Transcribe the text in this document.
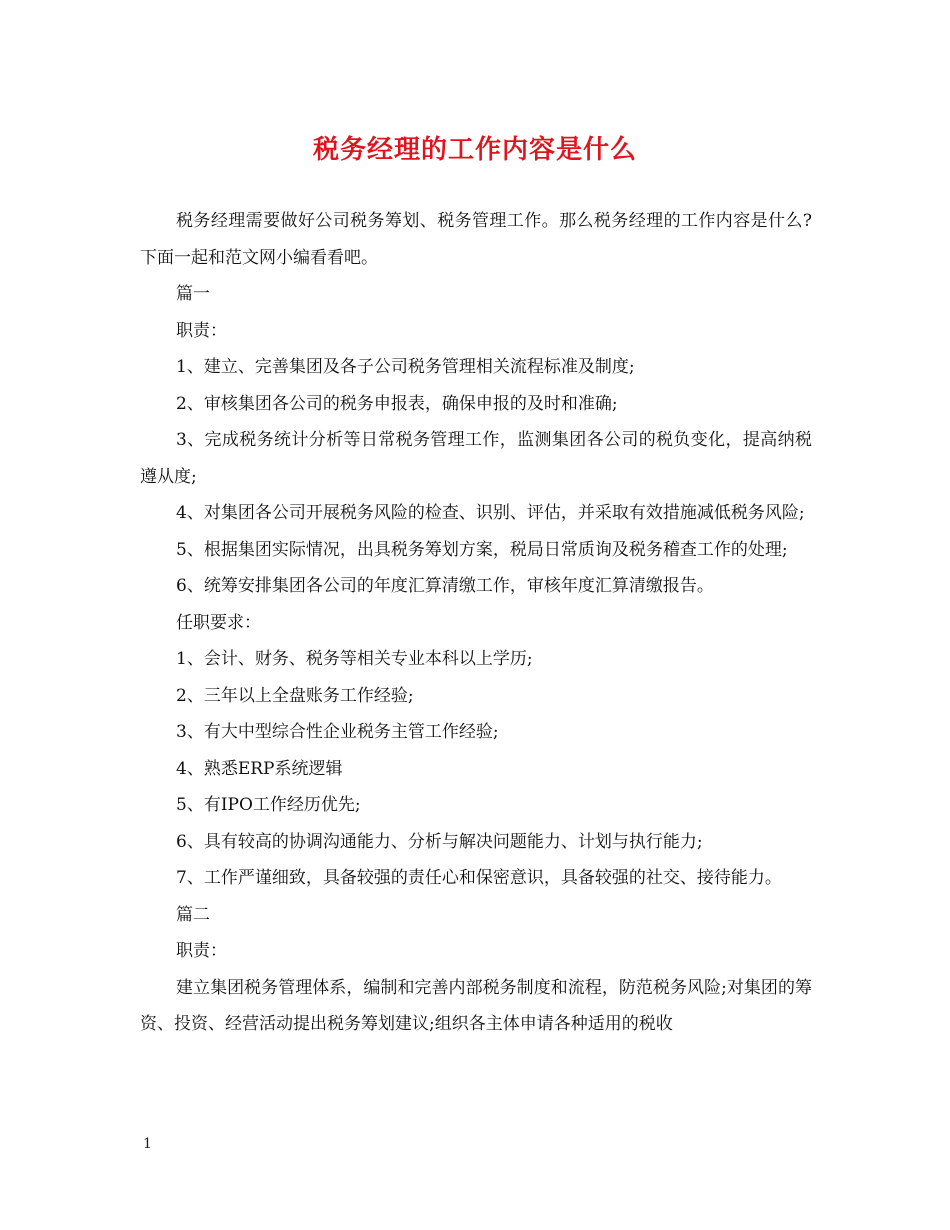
税务经理的工作内容是什么

税务经理需要做好公司税务筹划、税务管理工作。那么税务经理的工作内容是什么?下面一起和范文网小编看看吧。

篇一

职责：

1、建立、完善集团及各子公司税务管理相关流程标准及制度;

2、审核集团各公司的税务申报表，确保申报的及时和准确;

3、完成税务统计分析等日常税务管理工作，监测集团各公司的税负变化，提高纳税遵从度;

4、对集团各公司开展税务风险的检查、识别、评估，并采取有效措施减低税务风险;

5、根据集团实际情况，出具税务筹划方案，税局日常质询及税务稽查工作的处理;

6、统筹安排集团各公司的年度汇算清缴工作，审核年度汇算清缴报告。

任职要求：

1、会计、财务、税务等相关专业本科以上学历;

2、三年以上全盘账务工作经验;

3、有大中型综合性企业税务主管工作经验;

4、熟悉ERP系统逻辑

5、有IPO工作经历优先;

6、具有较高的协调沟通能力、分析与解决问题能力、计划与执行能力;

7、工作严谨细致，具备较强的责任心和保密意识，具备较强的社交、接待能力。

篇二

职责：

建立集团税务管理体系，编制和完善内部税务制度和流程，防范税务风险;对集团的筹资、投资、经营活动提出税务筹划建议;组织各主体申请各种适用的税收

1
